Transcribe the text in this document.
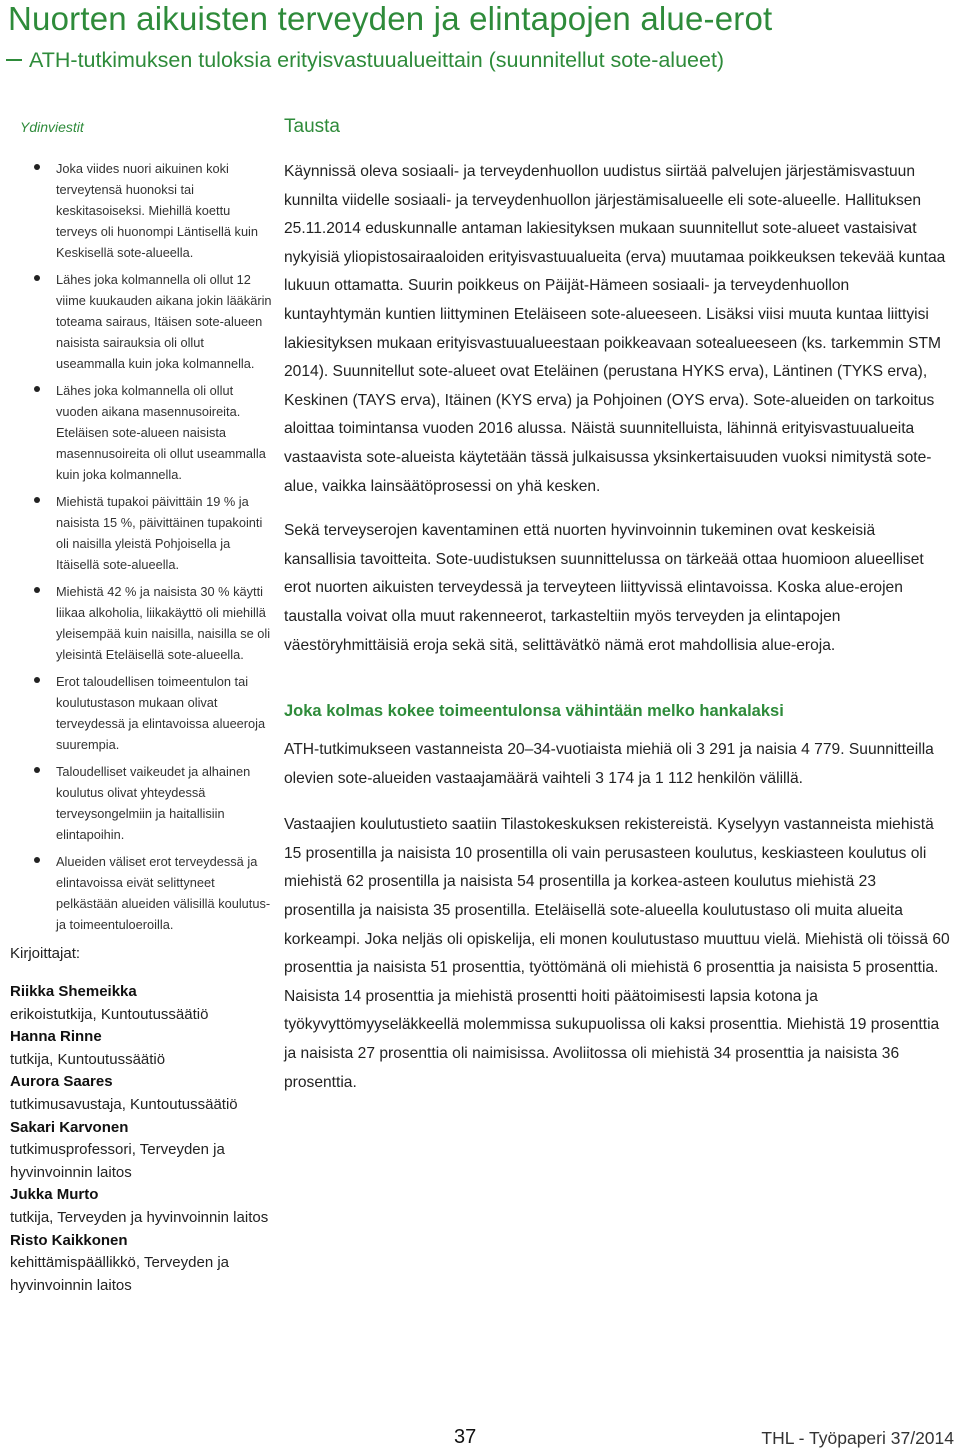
Nuorten aikuisten terveyden ja elintapojen alue-erot
ATH-tutkimuksen tuloksia erityisvastuualueittain (suunnitellut sote-alueet)
Ydinviestit
Joka viides nuori aikuinen koki terveytensä huonoksi tai keskitasoiseksi. Miehillä koettu terveys oli huonompi Läntisellä kuin Keskisellä sote-alueella.
Lähes joka kolmannella oli ollut 12 viime kuukauden aikana jokin lääkärin toteama sairaus, Itäisen sote-alueen naisista sairauksia oli ollut useammalla kuin joka kolmannella.
Lähes joka kolmannella oli ollut vuoden aikana masennusoireita. Eteläisen sote-alueen naisista masennusoireita oli ollut useammalla kuin joka kolmannella.
Miehistä tupakoi päivittäin 19 % ja naisista 15 %, päivittäinen tupakointi oli naisilla yleistä Pohjoisella ja Itäisellä sote-alueella.
Miehistä 42 % ja naisista 30 % käytti liikaa alkoholia, liikakäyttö oli miehillä yleisempää kuin naisilla, naisilla se oli yleisintä Eteläisellä sote-alueella.
Erot taloudellisen toimeentulon tai koulutustason mukaan olivat terveydessä ja elintavoissa alueeroja suurempia.
Taloudelliset vaikeudet ja alhainen koulutus olivat yhteydessä terveysongelmiin ja haitallisiin elintapoihin.
Alueiden väliset erot terveydessä ja elintavoissa eivät selittyneet pelkästään alueiden välisillä koulutus- ja toimeentuloeroilla.
Kirjoittajat:
Riikka Shemeikka
erikoistutkija, Kuntoutussäätiö
Hanna Rinne
tutkija, Kuntoutussäätiö
Aurora Saares
tutkimusavustaja, Kuntoutussäätiö
Sakari Karvonen
tutkimusprofessori, Terveyden ja hyvinvoinnin laitos
Jukka Murto
tutkija, Terveyden ja hyvinvoinnin laitos
Risto Kaikkonen
kehittämispäällikkö, Terveyden ja hyvinvoinnin laitos
Tausta

Käynnissä oleva sosiaali- ja terveydenhuollon uudistus siirtää palvelujen järjestämisvastuun kunnilta viidelle sosiaali- ja terveydenhuollon järjestämisalueelle eli sote-alueelle. Hallituksen 25.11.2014 eduskunnalle antaman lakiesityksen mukaan suunnitellut sote-alueet vastaisivat nykyisiä yliopistosairaaloiden erityisvastuualueita (erva) muutamaa poikkeuksen tekevää kuntaa lukuun ottamatta. Suurin poikkeus on Päijät-Hämeen sosiaali- ja terveydenhuollon kuntayhtymän kuntien liittyminen Eteläiseen sote-alueeseen. Lisäksi viisi muuta kuntaa liittyisi lakiesityksen mukaan erityisvastuualueestaan poikkeavaan sotealueeseen (ks. tarkemmin STM 2014). Suunnitellut sote-alueet ovat Eteläinen (perustana HYKS erva), Läntinen (TYKS erva), Keskinen (TAYS erva), Itäinen (KYS erva) ja Pohjoinen (OYS erva). Sote-alueiden on tarkoitus aloittaa toimintansa vuoden 2016 alussa. Näistä suunnitelluista, lähinnä erityisvastuualueita vastaavista sote-alueista käytetään tässä julkaisussa yksinkertaisuuden vuoksi nimitystä sote-alue, vaikka lainsäätöprosessi on yhä kesken.

Sekä terveyserojen kaventaminen että nuorten hyvinvoinnin tukeminen ovat keskeisiä kansallisia tavoitteita. Sote-uudistuksen suunnittelussa on tärkeää ottaa huomioon alueelliset erot nuorten aikuisten terveydessä ja terveyteen liittyvissä elintavoissa. Koska alue-erojen taustalla voivat olla muut rakenneerot, tarkasteltiin myös terveyden ja elintapojen väestöryhmittäisiä eroja sekä sitä, selittävätkö nämä erot mahdollisia alue-eroja.

Joka kolmas kokee toimeentulonsa vähintään melko hankalaksi

ATH-tutkimukseen vastanneista 20–34-vuotiaista miehiä oli 3 291 ja naisia 4 779. Suunnitteilla olevien sote-alueiden vastaajamäärä vaihteli 3 174 ja 1 112 henkilön välillä.

Vastaajien koulutustieto saatiin Tilastokeskuksen rekistereistä. Kyselyyn vastanneista miehistä 15 prosentilla ja naisista 10 prosentilla oli vain perusasteen koulutus, keskiasteen koulutus oli miehistä 62 prosentilla ja naisista 54 prosentilla ja korkea-asteen koulutus miehistä 23 prosentilla ja naisista 35 prosentilla. Eteläisellä sote-alueella koulutustaso oli muita alueita korkeampi. Joka neljäs oli opiskelija, eli monen koulutustaso muuttuu vielä. Miehistä oli töissä 60 prosenttia ja naisista 51 prosenttia, työttömänä oli miehistä 6 prosenttia ja naisista 5 prosenttia. Naisista 14 prosenttia ja miehistä prosentti hoiti päätoimisesti lapsia kotona ja työkyvyttömyyseläkkeellä molemmissa sukupuolissa oli kaksi prosenttia. Miehistä 19 prosenttia ja naisista 27 prosenttia oli naimisissa. Avoliitossa oli miehistä 34 prosenttia ja naisista 36 prosenttia.

37	THL - Työpaperi 37/2014
